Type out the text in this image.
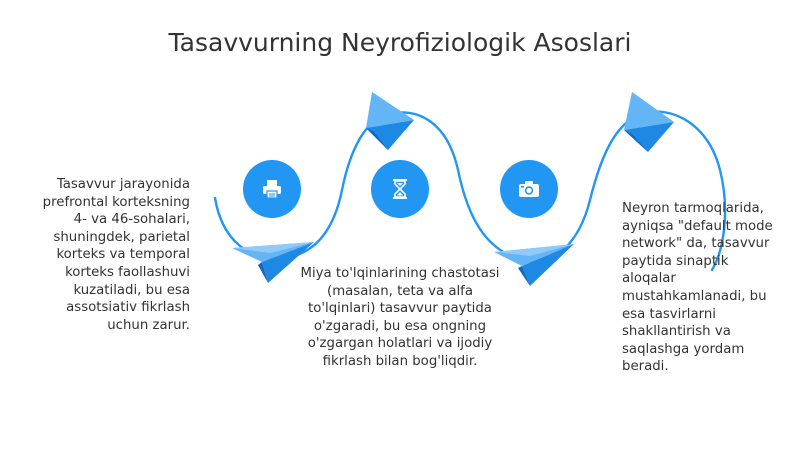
Tasavvurning Neyrofiziologik Asoslari
Tasavvur jarayonida prefrontal korteksning 4- va 46-sohalari, shuningdek, parietal korteks va temporal korteks faollashuvi kuzatiladi, bu esa assotsiativ fikrlash uchun zarur.
Miya to'lqinlarining chastotasi (masalan, teta va alfa to'lqinlari) tasavvur paytida o'zgaradi, bu esa ongning o'zgargan holatlari va ijodiy fikrlash bilan bog'liqdir.
Neyron tarmoqlarida, ayniqsa "default mode network" da, tasavvur paytida sinaptik aloqalar mustahkamlanadi, bu esa tasvirlarni shakllantirish va saqlashga yordam beradi.
